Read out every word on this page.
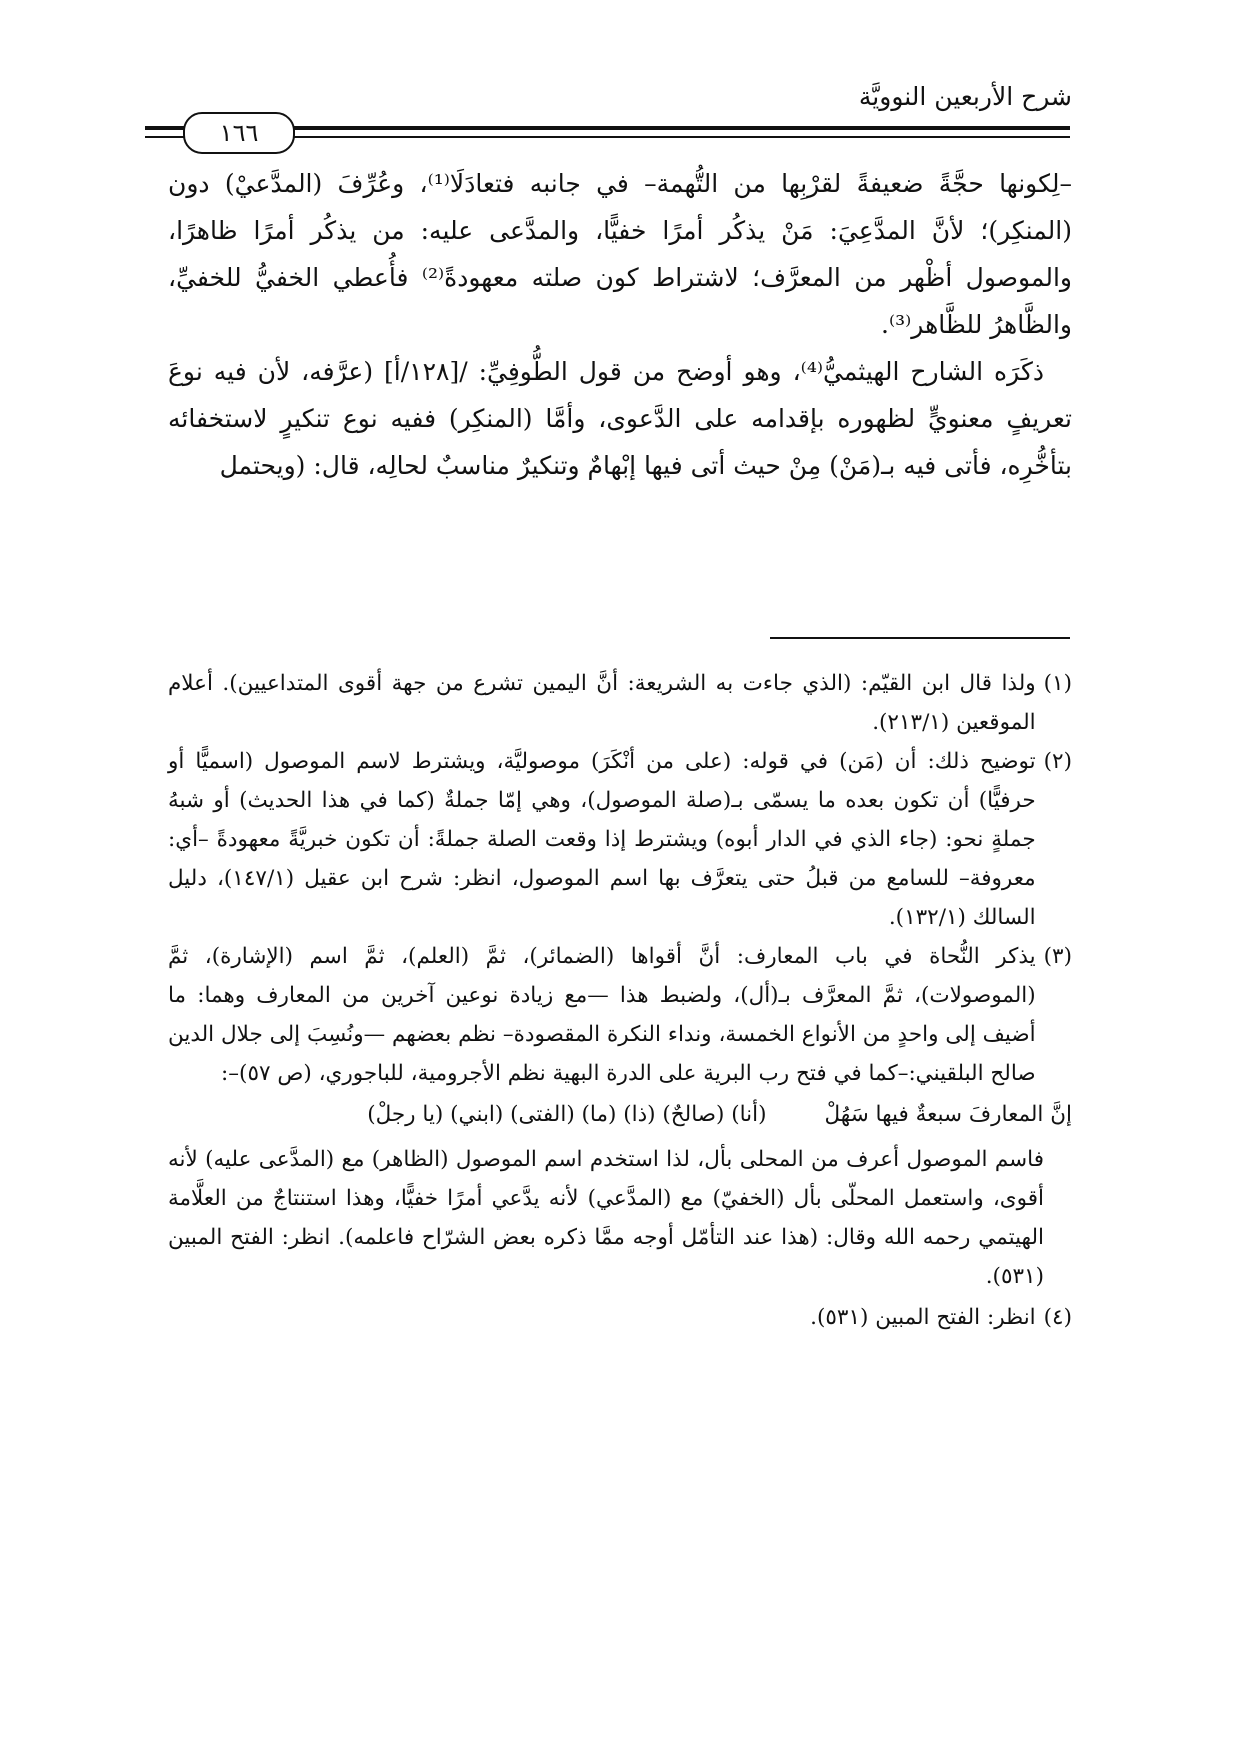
شرح الأربعين النوويَّة
١٦٦

–لِكونها حجَّةً ضعيفةً لقرْبِها من التُّهمة– في جانبه فتعادَلَا⁽¹⁾، وعُرِّفَ (المدَّعيْ) دون (المنكِر)؛ لأنَّ المدَّعِيَ: مَنْ يذكُر أمرًا خفيًّا، والمدَّعى عليه: من يذكُر أمرًا ظاهرًا، والموصول أظْهر من المعرَّف؛ لاشتراط كون صلته معهودةً⁽²⁾ فأُعطي الخفيُّ للخفيِّ، والظَّاهرُ للظَّاهر⁽³⁾.

ذكَرَه الشارح الهيثميُّ⁽⁴⁾، وهو أوضح من قول الطُّوفِيِّ: /[١٢٨/أ] (عرَّفه، لأن فيه نوعَ تعريفٍ معنويٍّ لظهوره بإقدامه على الدَّعوى، وأمَّا (المنكِر) ففيه نوع تنكيرٍ لاستخفائه بتأخُّرِه، فأتى فيه بـ(مَنْ) مِنْ حيث أتى فيها إبْهامٌ وتنكيرٌ مناسبٌ لحالِه، قال: (ويحتمل

(١)
ولذا قال ابن القيّم: (الذي جاءت به الشريعة: أنَّ اليمين تشرع من جهة أقوى المتداعيين). أعلام الموقعين (٢١٣/١).
(٢)
توضيح ذلك: أن (مَن) في قوله: (على من أنْكَرَ) موصوليَّة، ويشترط لاسم الموصول (اسميًّا أو حرفيًّا) أن تكون بعده ما يسمّى بـ(صلة الموصول)، وهي إمّا جملةٌ (كما في هذا الحديث) أو شبهُ جملةٍ نحو: (جاء الذي في الدار أبوه) ويشترط إذا وقعت الصلة جملةً: أن تكون خبريَّةً معهودةً –أي: معروفة– للسامع من قبلُ حتى يتعرَّف بها اسم الموصول، انظر: شرح ابن عقيل (١٤٧/١)، دليل السالك (١٣٢/١).
(٣)
يذكر النُّحاة في باب المعارف: أنَّ أقواها (الضمائر)، ثمَّ (العلم)، ثمَّ اسم (الإشارة)، ثمَّ (الموصولات)، ثمَّ المعرَّف بـ(أل)، ولضبط هذا —مع زيادة نوعين آخرين من المعارف وهما: ما أضيف إلى واحدٍ من الأنواع الخمسة، ونداء النكرة المقصودة– نظم بعضهم —ونُسِبَ إلى جلال الدين صالح البلقيني:–كما في فتح رب البرية على الدرة البهية نظم الأجرومية، للباجوري، (ص ٥٧)–:
إنَّ المعارفَ سبعةٌ فيها سَهُلْ
(أنا) (صالحٌ) (ذا) (ما) (الفتى) (ابني) (يا رجلْ)

فاسم الموصول أعرف من المحلى بأل، لذا استخدم اسم الموصول (الظاهر) مع (المدَّعى عليه) لأنه أقوى، واستعمل المحلّى بأل (الخفيّ) مع (المدَّعي) لأنه يدَّعي أمرًا خفيًّا، وهذا استنتاجٌ من العلَّامة الهيتمي رحمه الله وقال: (هذا عند التأمّل أوجه ممَّا ذكره بعض الشرّاح فاعلمه). انظر: الفتح المبين (٥٣١).

(٤)
انظر: الفتح المبين (٥٣١).
